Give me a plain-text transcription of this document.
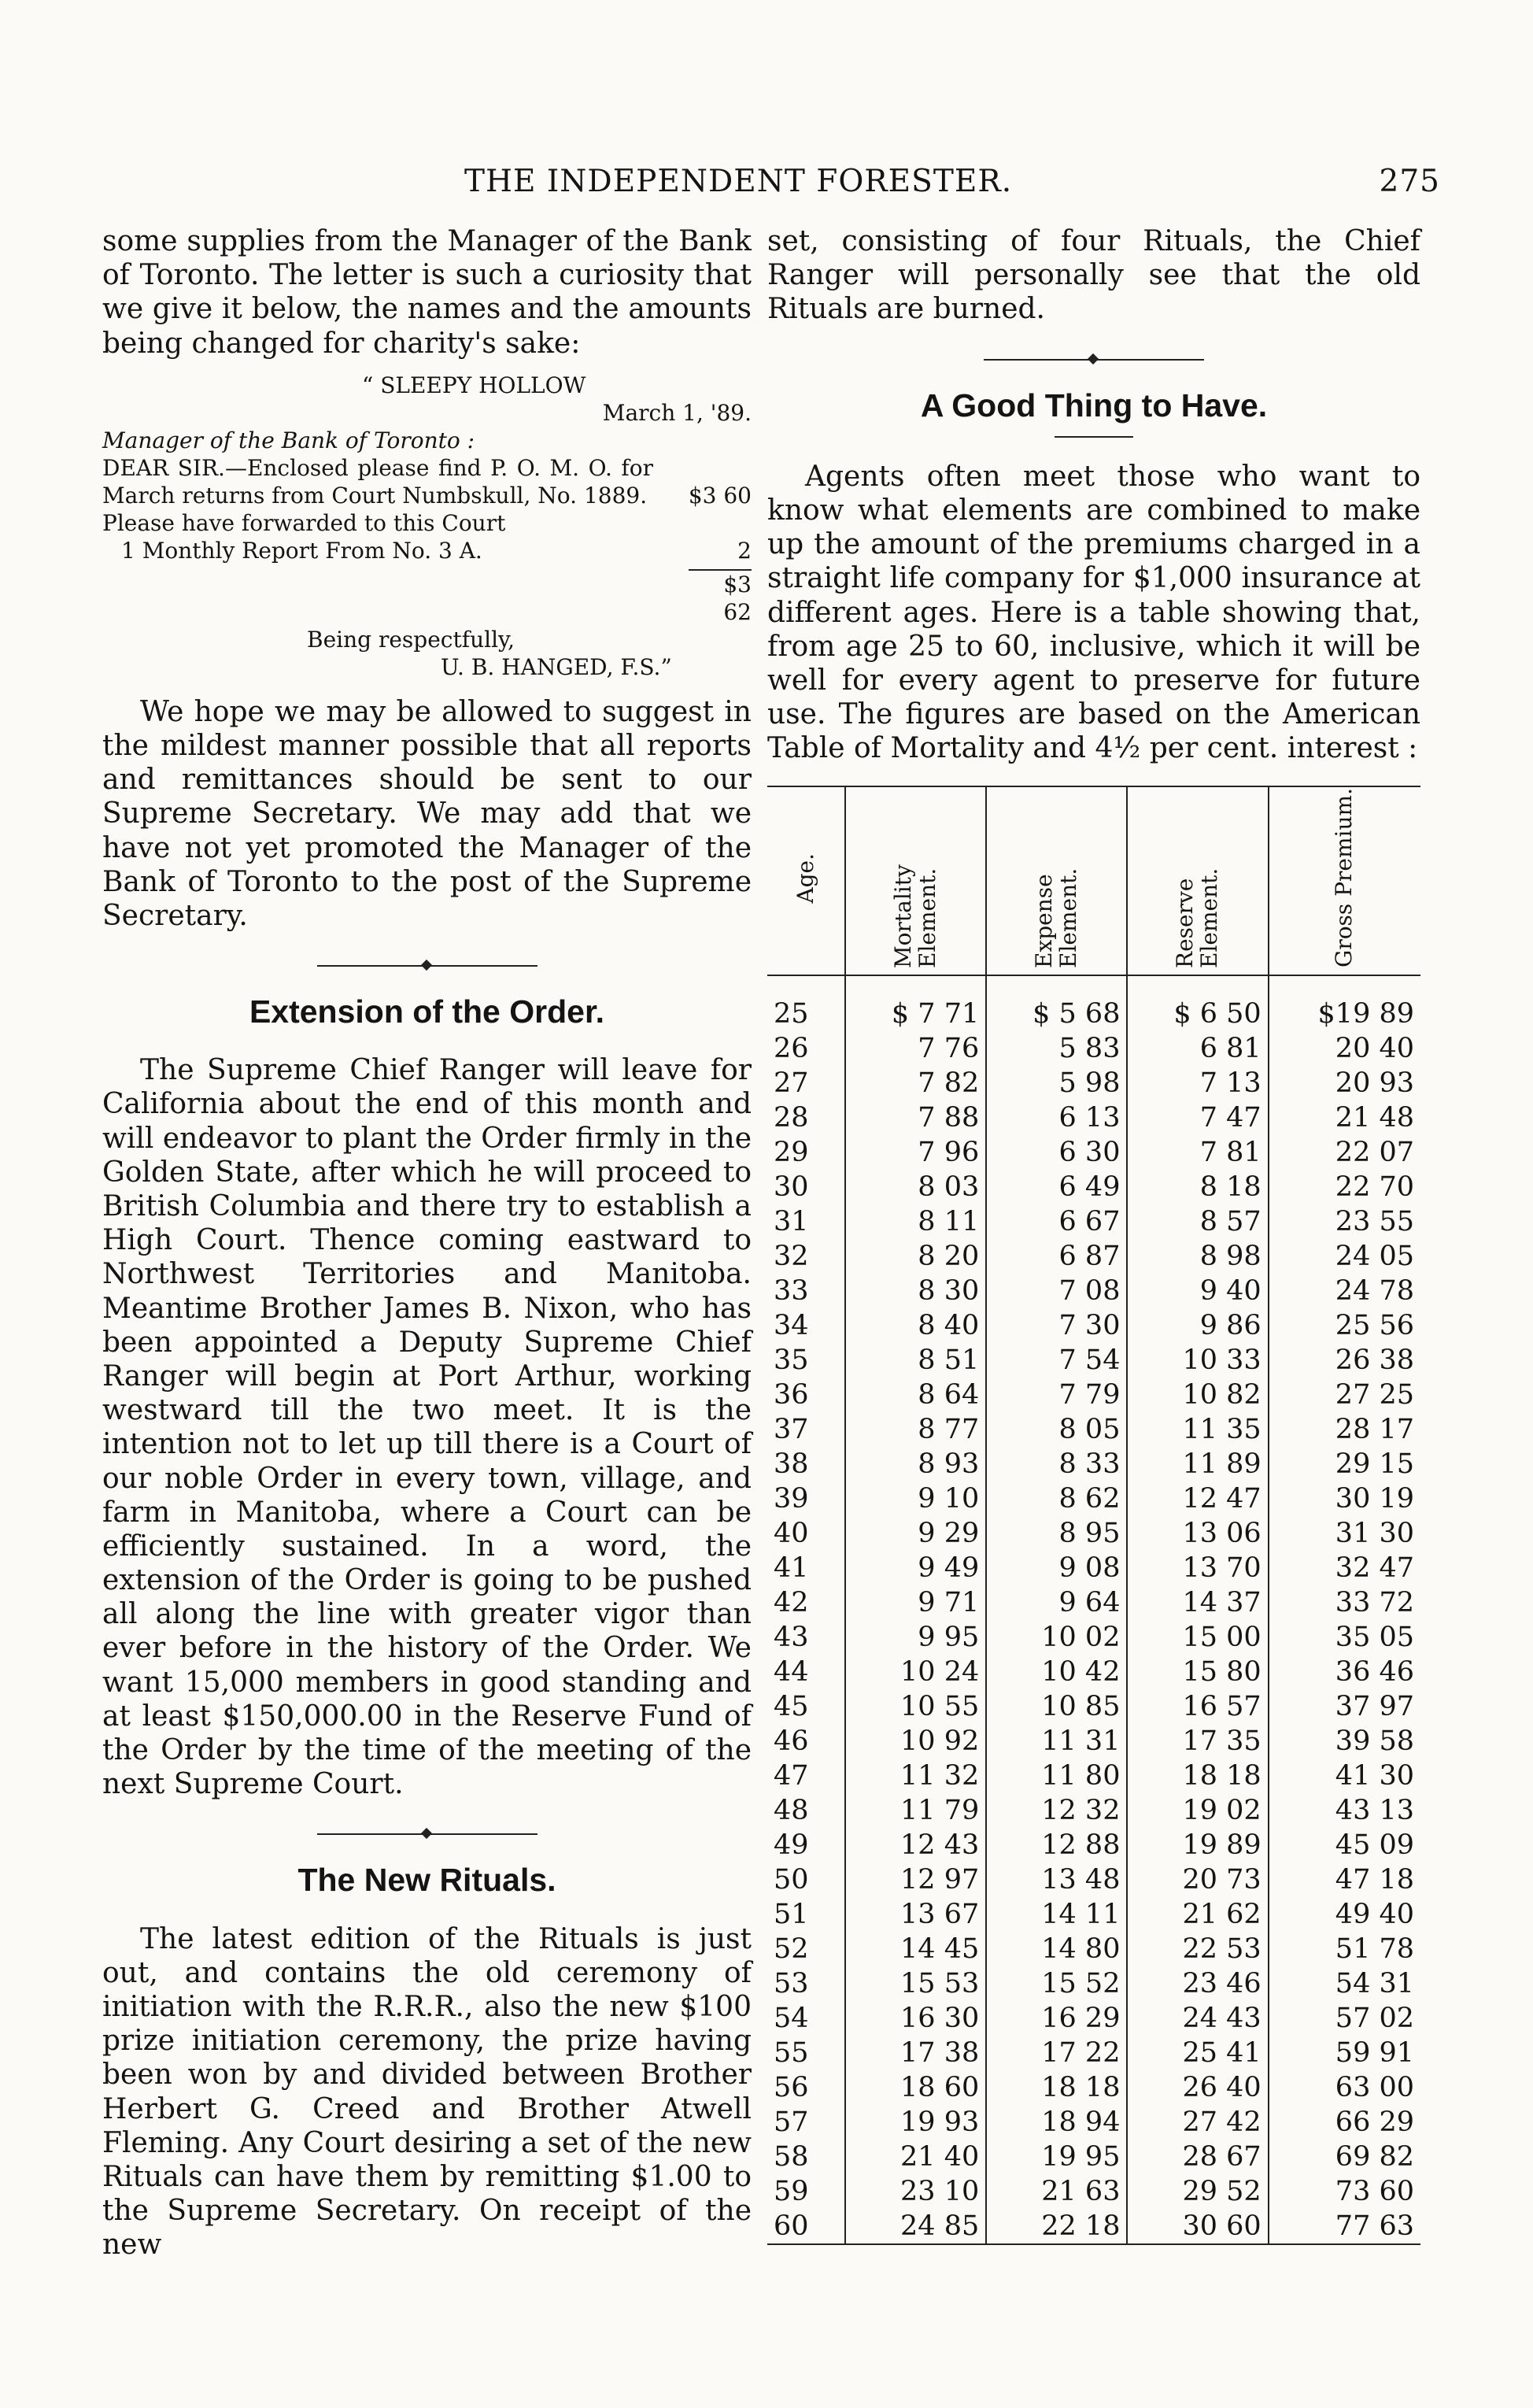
THE INDEPENDENT FORESTER.	275

some supplies from the Manager of the Bank of Toronto. The letter is such a curiosity that we give it below, the names and the amounts being changed for charity's sake:

“ SLEEPY HOLLOW
March 1, '89.
Manager of the Bank of Toronto :
DEAR SIR.—Enclosed please find P. O. M. O. for March returns from Court Numbskull, No. 1889. $3 60
Please have forwarded to this Court
1 Monthly Report From No. 3 A.	2
$3 62
Being respectfully,
U. B. HANGED, F.S.”

We hope we may be allowed to suggest in the mildest manner possible that all reports and remittances should be sent to our Supreme Secretary. We may add that we have not yet promoted the Manager of the Bank of Toronto to the post of the Supreme Secretary.

Extension of the Order.

The Supreme Chief Ranger will leave for California about the end of this month and will endeavor to plant the Order firmly in the Golden State, after which he will proceed to British Columbia and there try to establish a High Court. Thence coming eastward to Northwest Territories and Manitoba. Meantime Brother James B. Nixon, who has been appointed a Deputy Supreme Chief Ranger will begin at Port Arthur, working westward till the two meet. It is the intention not to let up till there is a Court of our noble Order in every town, village, and farm in Manitoba, where a Court can be efficiently sustained. In a word, the extension of the Order is going to be pushed all along the line with greater vigor than ever before in the history of the Order. We want 15,000 members in good standing and at least $150,000.00 in the Reserve Fund of the Order by the time of the meeting of the next Supreme Court.

The New Rituals.

The latest edition of the Rituals is just out, and contains the old ceremony of initiation with the R.R.R., also the new $100 prize initiation ceremony, the prize having been won by and divided between Brother Herbert G. Creed and Brother Atwell Fleming. Any Court desiring a set of the new Rituals can have them by remitting $1.00 to the Supreme Secretary. On receipt of the new

set, consisting of four Rituals, the Chief Ranger will personally see that the old Rituals are burned.

A Good Thing to Have.

Agents often meet those who want to know what elements are combined to make up the amount of the premiums charged in a straight life company for $1,000 insurance at different ages. Here is a table showing that, from age 25 to 60, inclusive, which it will be well for every agent to preserve for future use. The figures are based on the American Table of Mortality and 4½ per cent. interest :

Age.	Mortality Element.	Expense Element.	Reserve Element.	Gross Premium.
25	$ 7 71	$ 5 68	$ 6 50	$19 89
26	7 76	5 83	6 81	20 40
27	7 82	5 98	7 13	20 93
28	7 88	6 13	7 47	21 48
29	7 96	6 30	7 81	22 07
30	8 03	6 49	8 18	22 70
31	8 11	6 67	8 57	23 55
32	8 20	6 87	8 98	24 05
33	8 30	7 08	9 40	24 78
34	8 40	7 30	9 86	25 56
35	8 51	7 54	10 33	26 38
36	8 64	7 79	10 82	27 25
37	8 77	8 05	11 35	28 17
38	8 93	8 33	11 89	29 15
39	9 10	8 62	12 47	30 19
40	9 29	8 95	13 06	31 30
41	9 49	9 08	13 70	32 47
42	9 71	9 64	14 37	33 72
43	9 95	10 02	15 00	35 05
44	10 24	10 42	15 80	36 46
45	10 55	10 85	16 57	37 97
46	10 92	11 31	17 35	39 58
47	11 32	11 80	18 18	41 30
48	11 79	12 32	19 02	43 13
49	12 43	12 88	19 89	45 09
50	12 97	13 48	20 73	47 18
51	13 67	14 11	21 62	49 40
52	14 45	14 80	22 53	51 78
53	15 53	15 52	23 46	54 31
54	16 30	16 29	24 43	57 02
55	17 38	17 22	25 41	59 91
56	18 60	18 18	26 40	63 00
57	19 93	18 94	27 42	66 29
58	21 40	19 95	28 67	69 82
59	23 10	21 63	29 52	73 60
60	24 85	22 18	30 60	77 63
